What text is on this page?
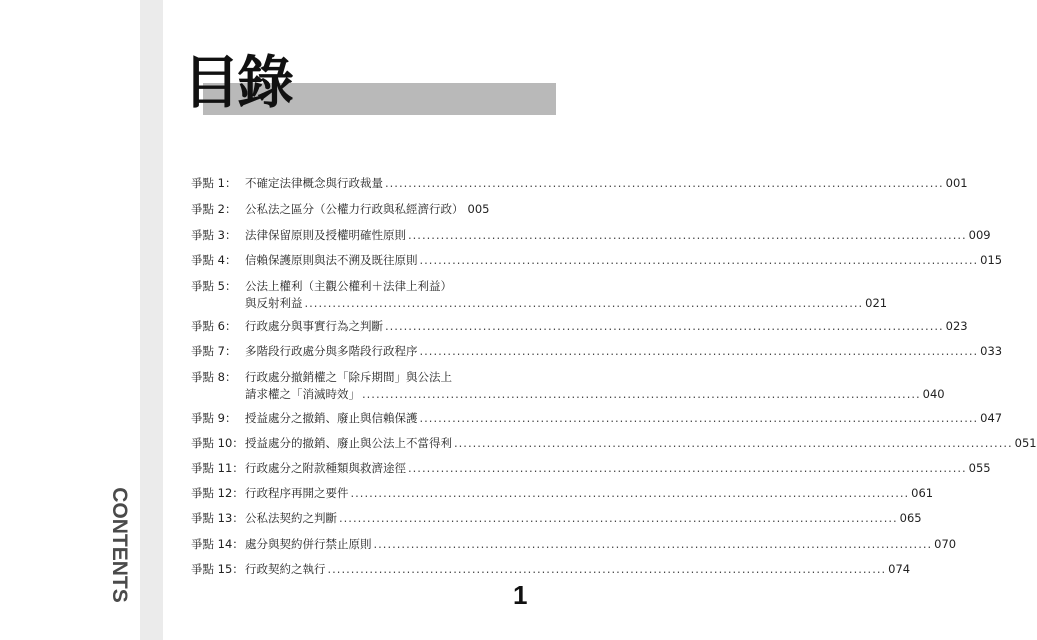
CONTENTS
目錄
爭點 1： 不確定法律概念與行政裁量 ........................................................................................................................ 001
爭點 2： 公私法之區分（公權力行政與私經濟行政） 005
爭點 3： 法律保留原則及授權明確性原則 ........................................................................................................................ 009
爭點 4： 信賴保護原則與法不溯及既往原則 ........................................................................................................................ 015
爭點 5： 公法上權利（主觀公權利＋法律上利益）
與反射利益 ........................................................................................................................ 021
爭點 6： 行政處分與事實行為之判斷 ........................................................................................................................ 023
爭點 7： 多階段行政處分與多階段行政程序 ........................................................................................................................ 033
爭點 8： 行政處分撤銷權之「除斥期間」與公法上
請求權之「消滅時效」 ........................................................................................................................ 040
爭點 9： 授益處分之撤銷、廢止與信賴保護 ........................................................................................................................ 047
爭點 10： 授益處分的撤銷、廢止與公法上不當得利 ........................................................................................................................ 051
爭點 11： 行政處分之附款種類與救濟途徑 ........................................................................................................................ 055
爭點 12： 行政程序再開之要件 ........................................................................................................................ 061
爭點 13： 公私法契約之判斷 ........................................................................................................................ 065
爭點 14： 處分與契約併行禁止原則 ........................................................................................................................ 070
爭點 15： 行政契約之執行 ........................................................................................................................ 074
1
